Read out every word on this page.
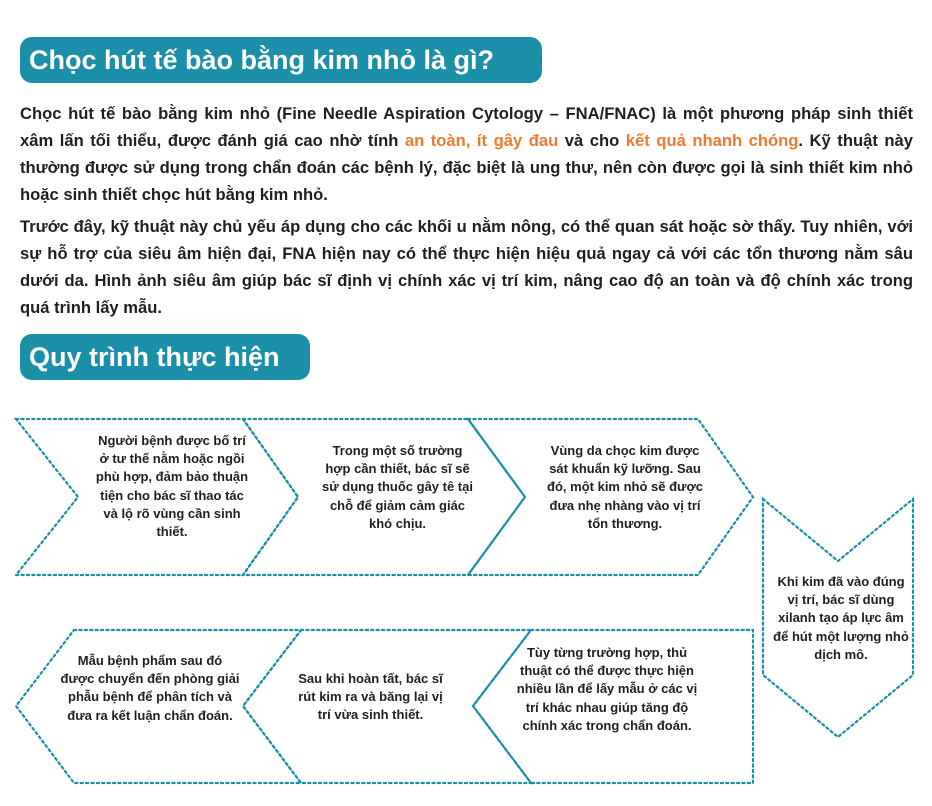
Chọc hút tế bào bằng kim nhỏ là gì?

Chọc hút tế bào bằng kim nhỏ (Fine Needle Aspiration Cytology – FNA/FNAC) là một phương pháp sinh thiết xâm lấn tối thiểu, được đánh giá cao nhờ tính an toàn, ít gây đau và cho kết quả nhanh chóng. Kỹ thuật này thường được sử dụng trong chẩn đoán các bệnh lý, đặc biệt là ung thư, nên còn được gọi là sinh thiết kim nhỏ hoặc sinh thiết chọc hút bằng kim nhỏ.

Trước đây, kỹ thuật này chủ yếu áp dụng cho các khối u nằm nông, có thể quan sát hoặc sờ thấy. Tuy nhiên, với sự hỗ trợ của siêu âm hiện đại, FNA hiện nay có thể thực hiện hiệu quả ngay cả với các tổn thương nằm sâu dưới da. Hình ảnh siêu âm giúp bác sĩ định vị chính xác vị trí kim, nâng cao độ an toàn và độ chính xác trong quá trình lấy mẫu.

Quy trình thực hiện

Người bệnh được bố trí ở tư thế nằm hoặc ngồi phù hợp, đảm bảo thuận tiện cho bác sĩ thao tác và lộ rõ vùng cần sinh thiết.

Trong một số trường hợp cần thiết, bác sĩ sẽ sử dụng thuốc gây tê tại chỗ để giảm cảm giác khó chịu.

Vùng da chọc kim được sát khuẩn kỹ lưỡng. Sau đó, một kim nhỏ sẽ được đưa nhẹ nhàng vào vị trí tổn thương.

Khi kim đã vào đúng vị trí, bác sĩ dùng xilanh tạo áp lực âm để hút một lượng nhỏ dịch mô.

Tùy từng trường hợp, thủ thuật có thể được thực hiện nhiều lần để lấy mẫu ở các vị trí khác nhau giúp tăng độ chính xác trong chẩn đoán.

Sau khi hoàn tất, bác sĩ rút kim ra và băng lại vị trí vừa sinh thiết.

Mẫu bệnh phẩm sau đó được chuyển đến phòng giải phẫu bệnh để phân tích và đưa ra kết luận chẩn đoán.
